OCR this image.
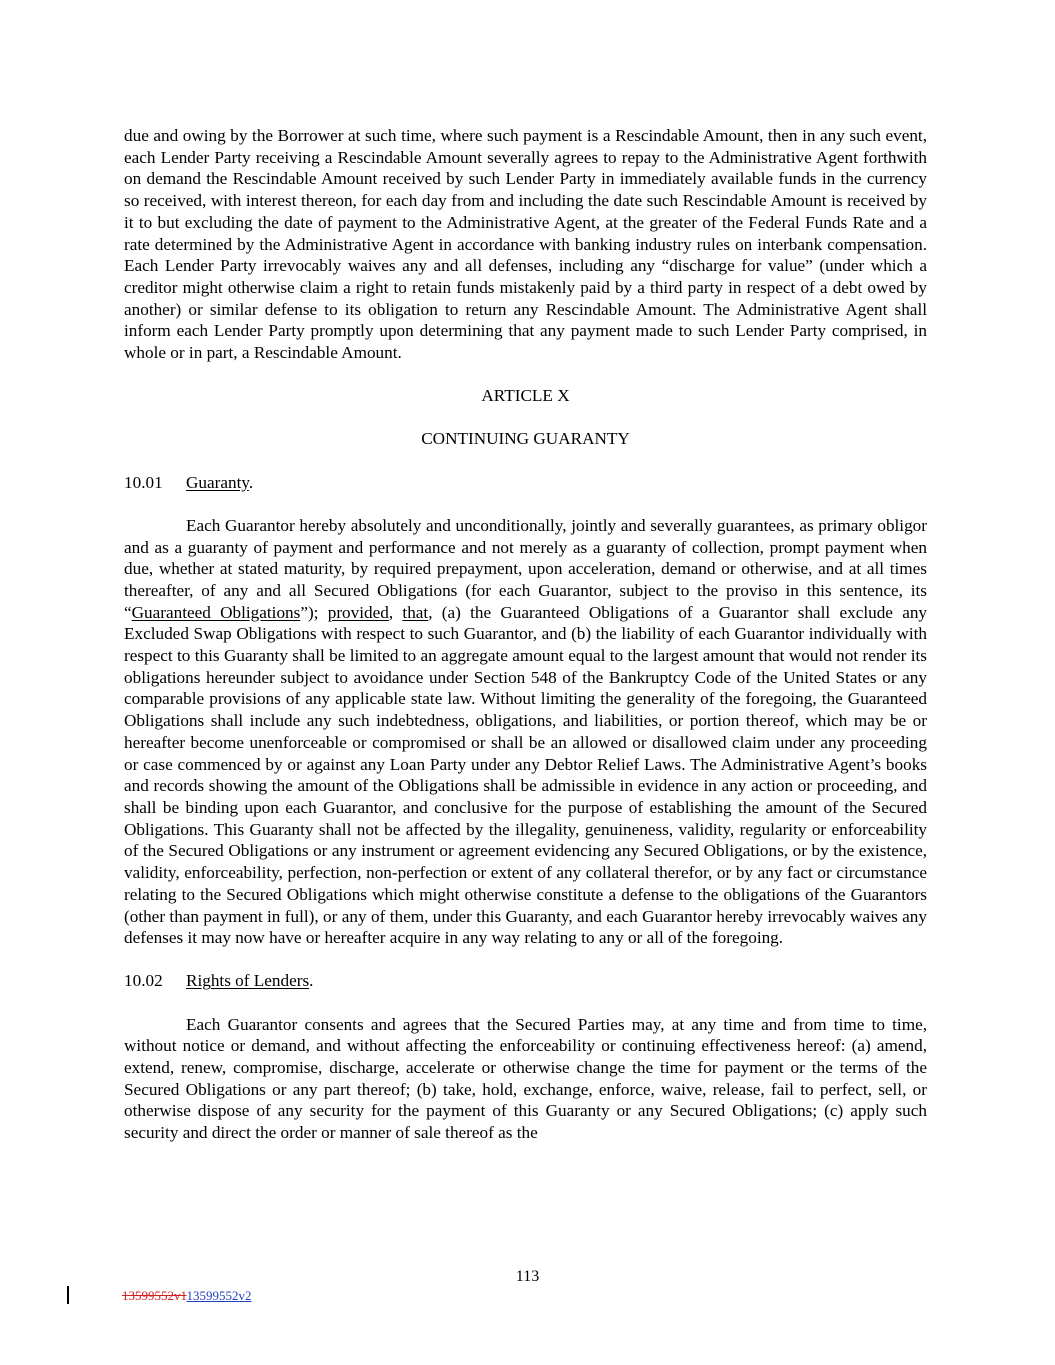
due and owing by the Borrower at such time, where such payment is a Rescindable Amount, then in any such event, each Lender Party receiving a Rescindable Amount severally agrees to repay to the Administrative Agent forthwith on demand the Rescindable Amount received by such Lender Party in immediately available funds in the currency so received, with interest thereon, for each day from and including the date such Rescindable Amount is received by it to but excluding the date of payment to the Administrative Agent, at the greater of the Federal Funds Rate and a rate determined by the Administrative Agent in accordance with banking industry rules on interbank compensation. Each Lender Party irrevocably waives any and all defenses, including any “discharge for value” (under which a creditor might otherwise claim a right to retain funds mistakenly paid by a third party in respect of a debt owed by another) or similar defense to its obligation to return any Rescindable Amount. The Administrative Agent shall inform each Lender Party promptly upon determining that any payment made to such Lender Party comprised, in whole or in part, a Rescindable Amount.

ARTICLE X

CONTINUING GUARANTY

10.01 Guaranty.

Each Guarantor hereby absolutely and unconditionally, jointly and severally guarantees, as primary obligor and as a guaranty of payment and performance and not merely as a guaranty of collection, prompt payment when due, whether at stated maturity, by required prepayment, upon acceleration, demand or otherwise, and at all times thereafter, of any and all Secured Obligations (for each Guarantor, subject to the proviso in this sentence, its “Guaranteed Obligations”); provided, that, (a) the Guaranteed Obligations of a Guarantor shall exclude any Excluded Swap Obligations with respect to such Guarantor, and (b) the liability of each Guarantor individually with respect to this Guaranty shall be limited to an aggregate amount equal to the largest amount that would not render its obligations hereunder subject to avoidance under Section 548 of the Bankruptcy Code of the United States or any comparable provisions of any applicable state law. Without limiting the generality of the foregoing, the Guaranteed Obligations shall include any such indebtedness, obligations, and liabilities, or portion thereof, which may be or hereafter become unenforceable or compromised or shall be an allowed or disallowed claim under any proceeding or case commenced by or against any Loan Party under any Debtor Relief Laws. The Administrative Agent’s books and records showing the amount of the Obligations shall be admissible in evidence in any action or proceeding, and shall be binding upon each Guarantor, and conclusive for the purpose of establishing the amount of the Secured Obligations. This Guaranty shall not be affected by the illegality, genuineness, validity, regularity or enforceability of the Secured Obligations or any instrument or agreement evidencing any Secured Obligations, or by the existence, validity, enforceability, perfection, non-perfection or extent of any collateral therefor, or by any fact or circumstance relating to the Secured Obligations which might otherwise constitute a defense to the obligations of the Guarantors (other than payment in full), or any of them, under this Guaranty, and each Guarantor hereby irrevocably waives any defenses it may now have or hereafter acquire in any way relating to any or all of the foregoing.

10.02 Rights of Lenders.

Each Guarantor consents and agrees that the Secured Parties may, at any time and from time to time, without notice or demand, and without affecting the enforceability or continuing effectiveness hereof: (a) amend, extend, renew, compromise, discharge, accelerate or otherwise change the time for payment or the terms of the Secured Obligations or any part thereof; (b) take, hold, exchange, enforce, waive, release, fail to perfect, sell, or otherwise dispose of any security for the payment of this Guaranty or any Secured Obligations; (c) apply such security and direct the order or manner of sale thereof as the

113
13599552v113599552v2
